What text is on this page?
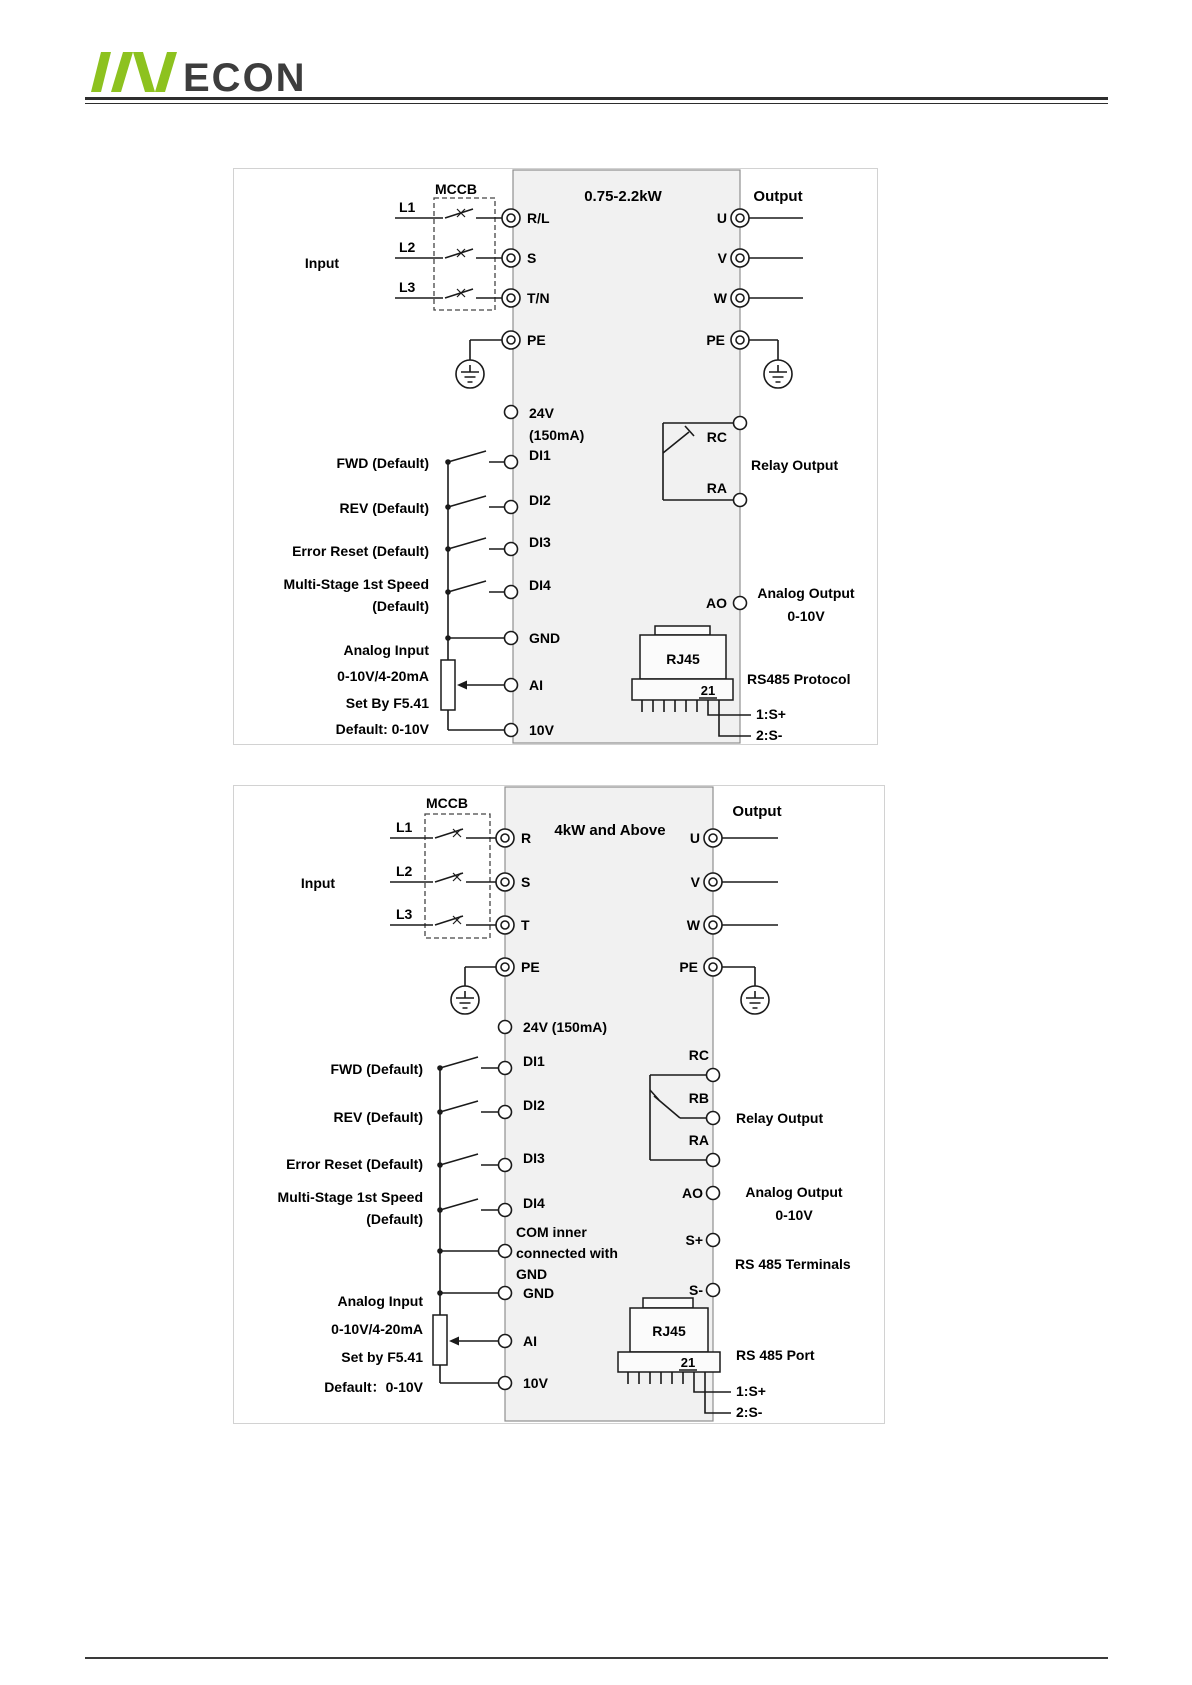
ECON
MCCB
L1
L2
L3
Input
0.75-2.2kW	Output
R/L
S
T/N
PE
U
V
W
PE
24V
(150mA)
DI1
DI2
DI3
DI4
GND
AI
10V
FWD (Default)
REV (Default)
Error Reset (Default)
Multi-Stage 1st Speed
(Default)
Analog Input
0-10V/4-20mA
Set By F5.41
Default: 0-10V
RC
RA
Relay Output
AO
Analog Output
0-10V
RJ45
21
RS485 Protocol
1:S+
2:S-
MCCB
L1
L2
L3
Input
4kW and Above
Output
R
S
T
PE
U
V
W
PE
24V (150mA)
DI1
DI2
DI3
DI4
FWD (Default)
REV (Default)
Error Reset (Default)
Multi-Stage 1st Speed
(Default)
COM inner
connected with
GND
GND
Analog Input
0-10V/4-20mA
Set by F5.41
Default：0-10V
AI
10V
RC
RB
RA
Relay Output
AO	Analog Output
0-10V
S+
S-
RS 485 Terminals
RJ45
21	RS 485 Port
1:S+
2:S-
